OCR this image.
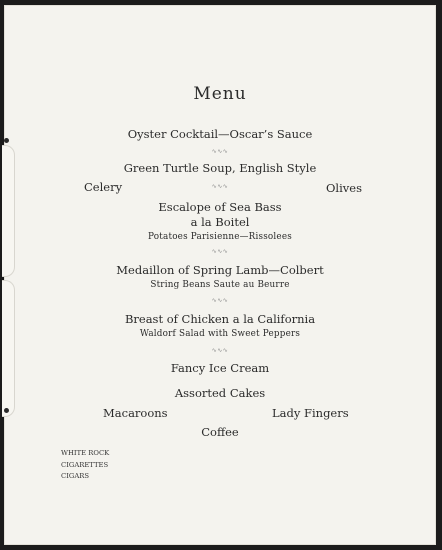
Menu
Oyster Cocktail—Oscar’s Sauce
∿∿∿
Green Turtle Soup, English Style
∿∿∿
Celery	Olives
Escalope of Sea Bass
a la Boitel
Potatoes Parisienne—Rissolees
∿∿∿
Medaillon of Spring Lamb—Colbert
String Beans Saute au Beurre
∿∿∿
Breast of Chicken a la California
Waldorf Salad with Sweet Peppers
∿∿∿
Fancy Ice Cream
Assorted Cakes
Macaroons	Lady Fingers
Coffee
WHITE ROCK
CIGARETTES
CIGARS
